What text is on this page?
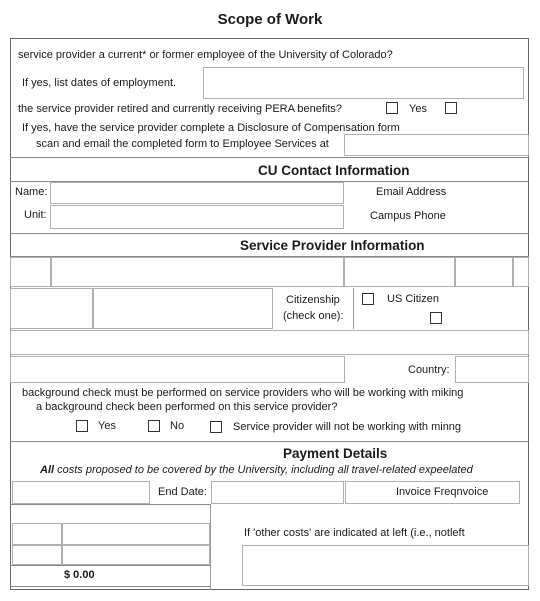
Scope of Work
service provider a current* or former employee of the University of Colorado?
If yes, list dates of employment.
the service provider retired and currently receiving PERA benefits?	Yes
If yes, have the service provider complete a Disclosure of Compensation form
scan and email the completed form to Employee Services at
CU Contact Information
Name:	Email Address
Unit:	Campus Phone
Service Provider Information
Citizenship
(check one):
US Citizen
Country:
background check must be performed on service providers who will be working with miking
a background check been performed on this service provider?
Yes	No	Service provider will not be working with minng
Payment Details
All costs proposed to be covered by the University, including all travel-related expeelated
End Date:	Invoice Freqnvoice
$ 0.00
If 'other costs' are indicated at left (i.e., notleft
